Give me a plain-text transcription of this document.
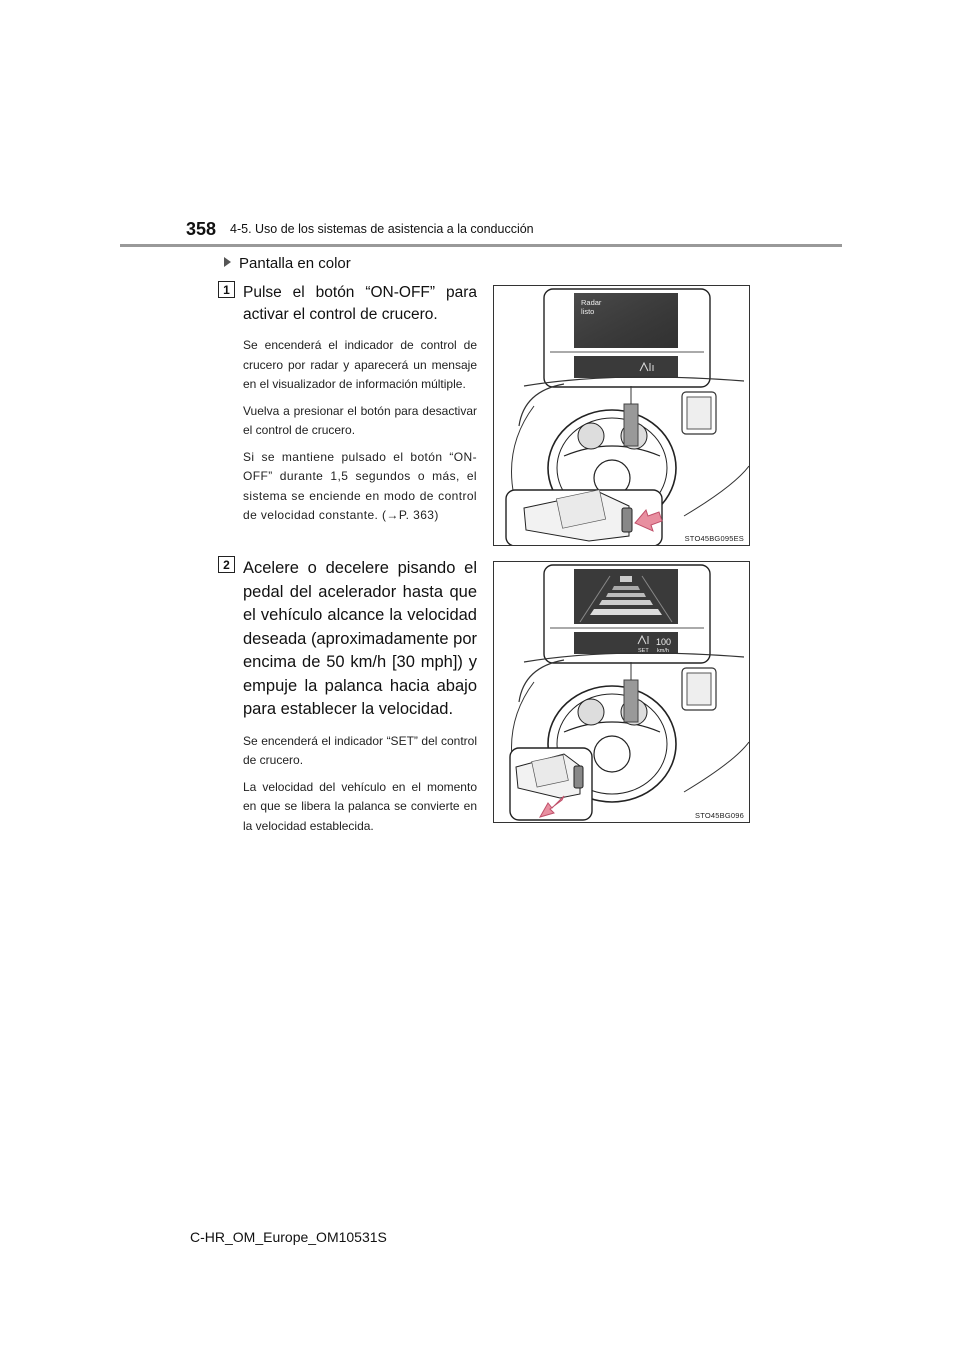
358 4-5. Uso de los sistemas de asistencia a la conducción
Pantalla en color
1 Pulse el botón “ON-OFF” para activar el control de crucero.

Se encenderá el indicador de control de crucero por radar y aparecerá un mensaje en el visualizador de información múltiple.

Vuelva a presionar el botón para desactivar el control de crucero.

Si se mantiene pulsado el botón “ON-OFF” durante 1,5 segundos o más, el sistema se enciende en modo de control de velocidad constante. (→P. 363)

Radar
listo
STO45BG095ES
2 Acelere o decelere pisando el pedal del acelerador hasta que el vehículo alcance la velocidad deseada (aproximadamente por encima de 50 km/h [30 mph]) y empuje la palanca hacia abajo para establecer la velocidad.

Se encenderá el indicador “SET” del control de crucero.

La velocidad del vehículo en el momento en que se libera la palanca se convierte en la velocidad establecida.

100
SET km/h
STO45BG096
C-HR_OM_Europe_OM10531S
